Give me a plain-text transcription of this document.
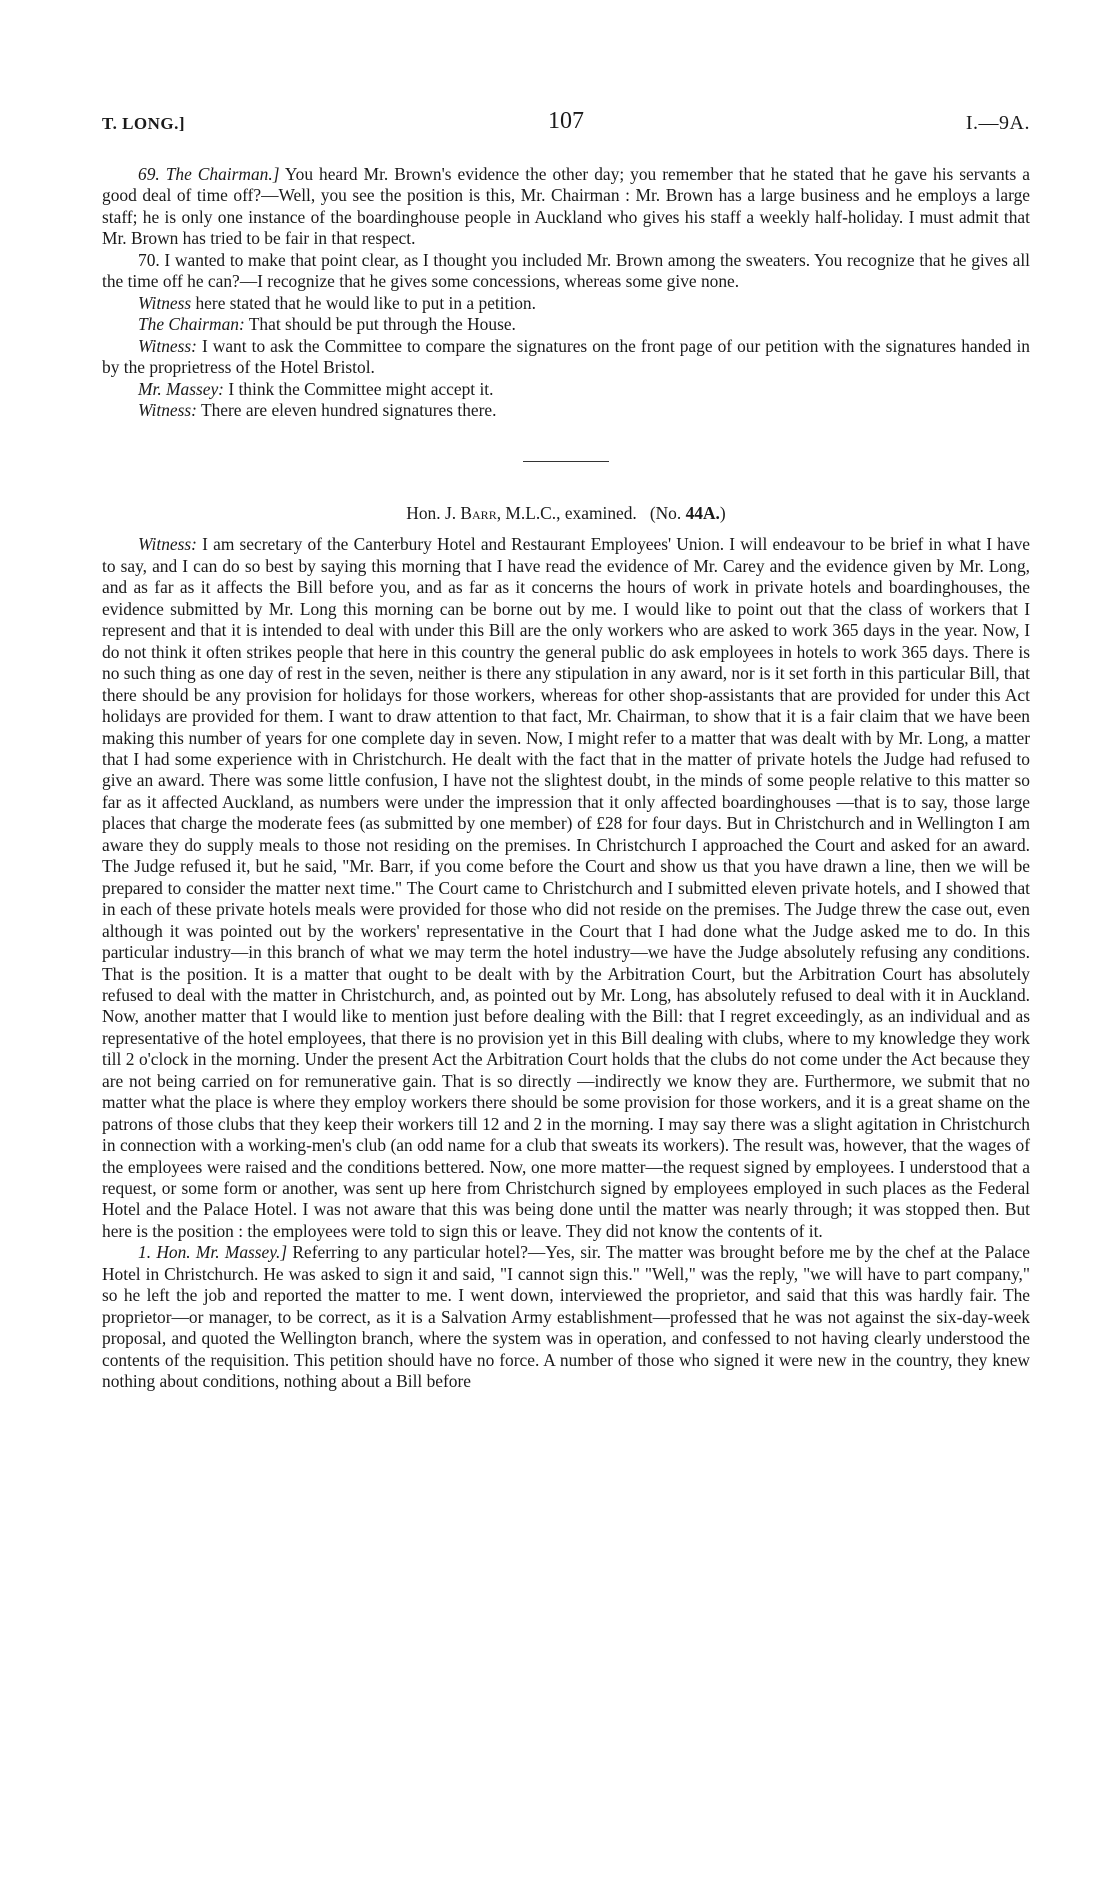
T. LONG.]	107	I.—9A.

69. The Chairman.] You heard Mr. Brown's evidence the other day; you remember that he stated that he gave his servants a good deal of time off?—Well, you see the position is this, Mr. Chairman : Mr. Brown has a large business and he employs a large staff; he is only one instance of the boardinghouse people in Auckland who gives his staff a weekly half-holiday. I must admit that Mr. Brown has tried to be fair in that respect.

70. I wanted to make that point clear, as I thought you included Mr. Brown among the sweaters. You recognize that he gives all the time off he can?—I recognize that he gives some concessions, whereas some give none.

Witness here stated that he would like to put in a petition.

The Chairman: That should be put through the House.

Witness: I want to ask the Committee to compare the signatures on the front page of our petition with the signatures handed in by the proprietress of the Hotel Bristol.

Mr. Massey: I think the Committee might accept it.

Witness: There are eleven hundred signatures there.

Hon. J. Barr, M.L.C., examined. (No. 44A.)

Witness: I am secretary of the Canterbury Hotel and Restaurant Employees' Union. I will endeavour to be brief in what I have to say, and I can do so best by saying this morning that I have read the evidence of Mr. Carey and the evidence given by Mr. Long, and as far as it affects the Bill before you, and as far as it concerns the hours of work in private hotels and boardinghouses, the evidence submitted by Mr. Long this morning can be borne out by me. I would like to point out that the class of workers that I represent and that it is intended to deal with under this Bill are the only workers who are asked to work 365 days in the year. Now, I do not think it often strikes people that here in this country the general public do ask employees in hotels to work 365 days. There is no such thing as one day of rest in the seven, neither is there any stipulation in any award, nor is it set forth in this particular Bill, that there should be any provision for holidays for those workers, whereas for other shop-assistants that are provided for under this Act holidays are provided for them. I want to draw attention to that fact, Mr. Chairman, to show that it is a fair claim that we have been making this number of years for one complete day in seven. Now, I might refer to a matter that was dealt with by Mr. Long, a matter that I had some experience with in Christchurch. He dealt with the fact that in the matter of private hotels the Judge had refused to give an award. There was some little confusion, I have not the slightest doubt, in the minds of some people relative to this matter so far as it affected Auckland, as numbers were under the impression that it only affected boardinghouses —that is to say, those large places that charge the moderate fees (as submitted by one member) of £28 for four days. But in Christchurch and in Wellington I am aware they do supply meals to those not residing on the premises. In Christchurch I approached the Court and asked for an award. The Judge refused it, but he said, "Mr. Barr, if you come before the Court and show us that you have drawn a line, then we will be prepared to consider the matter next time." The Court came to Christchurch and I submitted eleven private hotels, and I showed that in each of these private hotels meals were provided for those who did not reside on the premises. The Judge threw the case out, even although it was pointed out by the workers' representative in the Court that I had done what the Judge asked me to do. In this particular industry—in this branch of what we may term the hotel industry—we have the Judge absolutely refusing any conditions. That is the position. It is a matter that ought to be dealt with by the Arbitration Court, but the Arbitration Court has absolutely refused to deal with the matter in Christchurch, and, as pointed out by Mr. Long, has absolutely refused to deal with it in Auckland. Now, another matter that I would like to mention just before dealing with the Bill: that I regret exceedingly, as an individual and as representative of the hotel employees, that there is no provision yet in this Bill dealing with clubs, where to my knowledge they work till 2 o'clock in the morning. Under the present Act the Arbitration Court holds that the clubs do not come under the Act because they are not being carried on for remunerative gain. That is so directly —indirectly we know they are. Furthermore, we submit that no matter what the place is where they employ workers there should be some provision for those workers, and it is a great shame on the patrons of those clubs that they keep their workers till 12 and 2 in the morning. I may say there was a slight agitation in Christchurch in connection with a working-men's club (an odd name for a club that sweats its workers). The result was, however, that the wages of the employees were raised and the conditions bettered. Now, one more matter—the request signed by employees. I understood that a request, or some form or another, was sent up here from Christchurch signed by employees employed in such places as the Federal Hotel and the Palace Hotel. I was not aware that this was being done until the matter was nearly through; it was stopped then. But here is the position : the employees were told to sign this or leave. They did not know the contents of it.

1. Hon. Mr. Massey.] Referring to any particular hotel?—Yes, sir. The matter was brought before me by the chef at the Palace Hotel in Christchurch. He was asked to sign it and said, "I cannot sign this." "Well," was the reply, "we will have to part company," so he left the job and reported the matter to me. I went down, interviewed the proprietor, and said that this was hardly fair. The proprietor—or manager, to be correct, as it is a Salvation Army establishment—professed that he was not against the six-day-week proposal, and quoted the Wellington branch, where the system was in operation, and confessed to not having clearly understood the contents of the requisition. This petition should have no force. A number of those who signed it were new in the country, they knew nothing about conditions, nothing about a Bill before
